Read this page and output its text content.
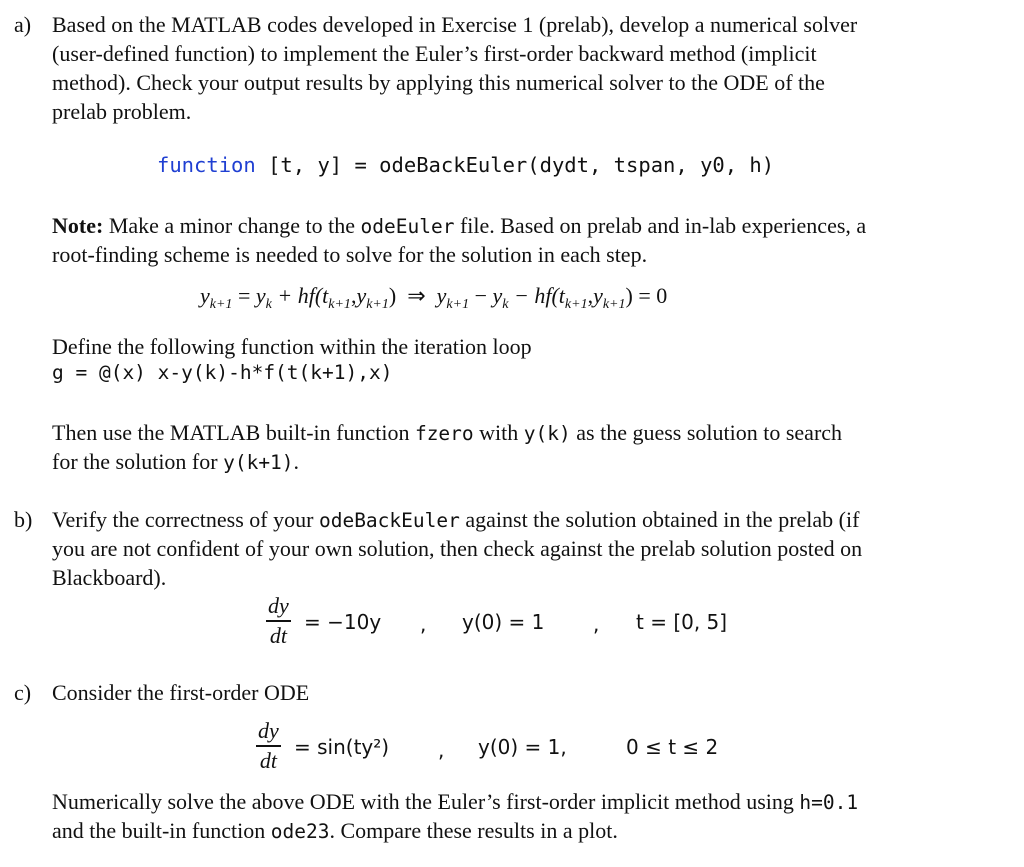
a) Based on the MATLAB codes developed in Exercise 1 (prelab), develop a numerical solver
(user-defined function) to implement the Euler’s first-order backward method (implicit
method). Check your output results by applying this numerical solver to the ODE of the
prelab problem.
function [t, y] = odeBackEuler(dydt, tspan, y0, h)
Note: Make a minor change to the odeEuler file. Based on prelab and in-lab experiences, a
root-finding scheme is needed to solve for the solution in each step.
$y_{k+1} = y_k + hf(t_{k+1},y_{k+1})$ ⇒ $y_{k+1} - y_k - hf(t_{k+1},y_{k+1}) = 0$
Define the following function within the iteration loop
g = @(x) x-y(k)-h*f(t(k+1),x)
Then use the MATLAB built-in function fzero with y(k) as the guess solution to search
for the solution for y(k+1).
b) Verify the correctness of your odeBackEuler against the solution obtained in the prelab (if
you are not confident of your own solution, then check against the prelab solution posted on
Blackboard).
dy
dt
= −10y , y(0) = 1 , t = [0, 5]
c) Consider the first-order ODE
dy
dt
= sin(ty²) , y(0) = 1,	0 ≤ t ≤ 2
Numerically solve the above ODE with the Euler’s first-order implicit method using h=0.1
and the built-in function ode23. Compare these results in a plot.
